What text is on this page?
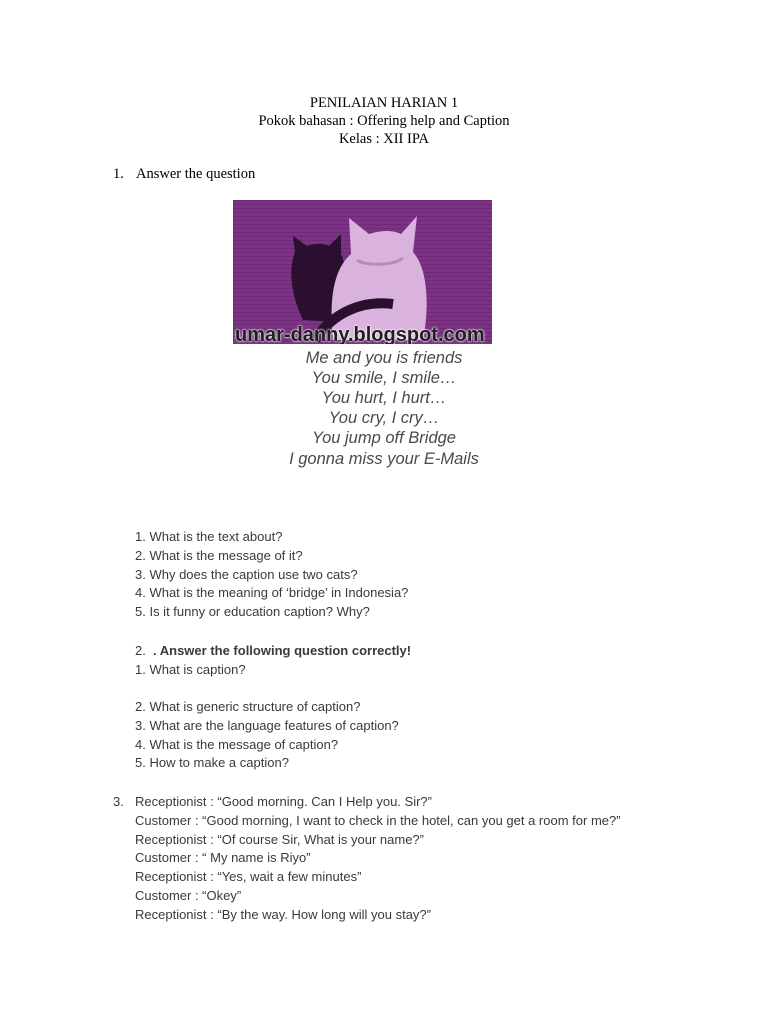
PENILAIAN HARIAN 1
Pokok bahasan : Offering help and Caption
Kelas : XII IPA
1. Answer the question
umar-danny.blogspot.com
Me and you is friends
You smile, I smile…
You hurt, I hurt…
You cry, I cry…
You jump off Bridge
I gonna miss your E-Mails
1. What is the text about?
2. What is the message of it?
3. Why does the caption use two cats?
4. What is the meaning of ‘bridge’ in Indonesia?
5. Is it funny or education caption? Why?
2. . Answer the following question correctly!
1. What is caption?
2. What is generic structure of caption?
3. What are the language features of caption?
4. What is the message of caption?
5. How to make a caption?
3. Receptionist : “Good morning. Can I Help you. Sir?”
Customer : “Good morning, I want to check in the hotel, can you get a room for me?”
Receptionist : “Of course Sir, What is your name?”
Customer : “ My name is Riyo”
Receptionist : “Yes, wait a few minutes”
Customer : “Okey”
Receptionist : “By the way. How long will you stay?”
